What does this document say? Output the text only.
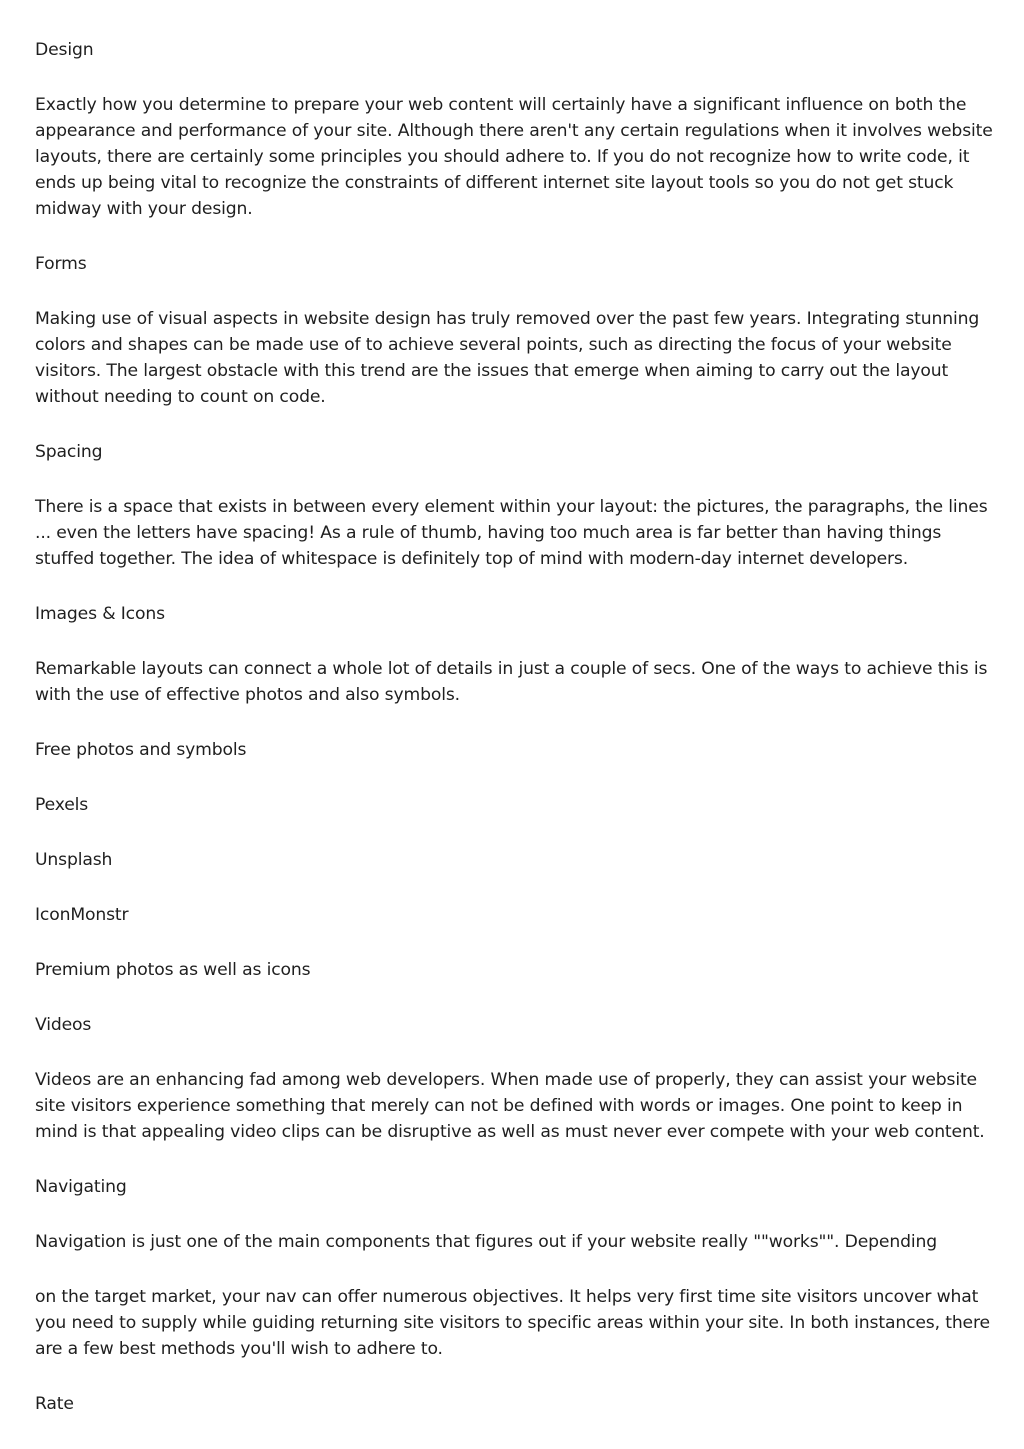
Design
Exactly how you determine to prepare your web content will certainly have a significant influence on both the appearance and performance of your site. Although there aren't any certain regulations when it involves website layouts, there are certainly some principles you should adhere to. If you do not recognize how to write code, it ends up being vital to recognize the constraints of different internet site layout tools so you do not get stuck midway with your design.
Forms
Making use of visual aspects in website design has truly removed over the past few years. Integrating stunning colors and shapes can be made use of to achieve several points, such as directing the focus of your website visitors. The largest obstacle with this trend are the issues that emerge when aiming to carry out the layout without needing to count on code.
Spacing
There is a space that exists in between every element within your layout: the pictures, the paragraphs, the lines ... even the letters have spacing! As a rule of thumb, having too much area is far better than having things stuffed together. The idea of whitespace is definitely top of mind with modern-day internet developers.
Images & Icons
Remarkable layouts can connect a whole lot of details in just a couple of secs. One of the ways to achieve this is with the use of effective photos and also symbols.
Free photos and symbols
Pexels
Unsplash
IconMonstr
Premium photos as well as icons
Videos
Videos are an enhancing fad among web developers. When made use of properly, they can assist your website site visitors experience something that merely can not be defined with words or images. One point to keep in mind is that appealing video clips can be disruptive as well as must never ever compete with your web content.
Navigating
Navigation is just one of the main components that figures out if your website really ""works"". Depending
on the target market, your nav can offer numerous objectives. It helps very first time site visitors uncover what you need to supply while guiding returning site visitors to specific areas within your site. In both instances, there are a few best methods you'll wish to adhere to.
Rate
